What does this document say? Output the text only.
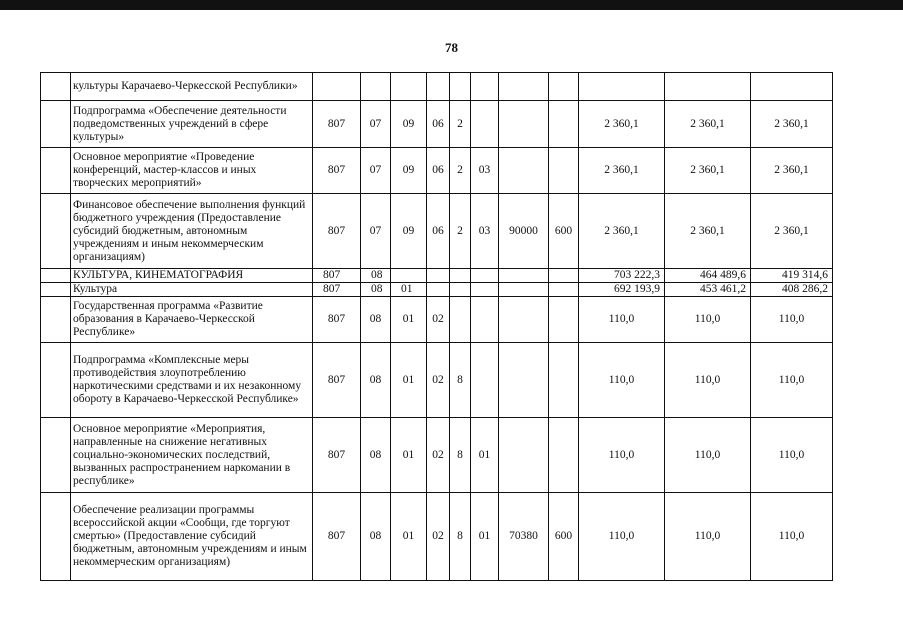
78
	культуры Карачаево-Черкесской Республики»											
	Подпрограмма «Обеспечение деятельности подведомственных учреждений в сфере культуры»	807	07	09	06	2				2 360,1	2 360,1	2 360,1
	Основное мероприятие «Проведение конференций, мастер-классов и иных творческих мероприятий»	807	07	09	06	2	03			2 360,1	2 360,1	2 360,1
	Финансовое обеспечение выполнения функций бюджетного учреждения (Предоставление субсидий бюджетным, автономным учреждениям и иным некоммерческим организациям)	807	07	09	06	2	03	90000	600	2 360,1	2 360,1	2 360,1
	КУЛЬТУРА, КИНЕМАТОГРАФИЯ	807	08							703 222,3	464 489,6	419 314,6
	Культура	807	08	01						692 193,9	453 461,2	408 286,2
	Государственная программа «Развитие образования в Карачаево-Черкесской Республике»	807	08	01	02					110,0	110,0	110,0
	Подпрограмма «Комплексные меры противодействия злоупотреблению наркотическими средствами и их незаконному обороту в Карачаево-Черкесской Республике»	807	08	01	02	8				110,0	110,0	110,0
	Основное мероприятие «Мероприятия, направленные на снижение негативных социально-экономических последствий, вызванных распространением наркомании в республике»	807	08	01	02	8	01			110,0	110,0	110,0
	Обеспечение реализации программы всероссийской акции «Сообщи, где торгуют смертью» (Предоставление субсидий бюджетным, автономным учреждениям и иным некоммерческим организациям)	807	08	01	02	8	01	70380	600	110,0	110,0	110,0
